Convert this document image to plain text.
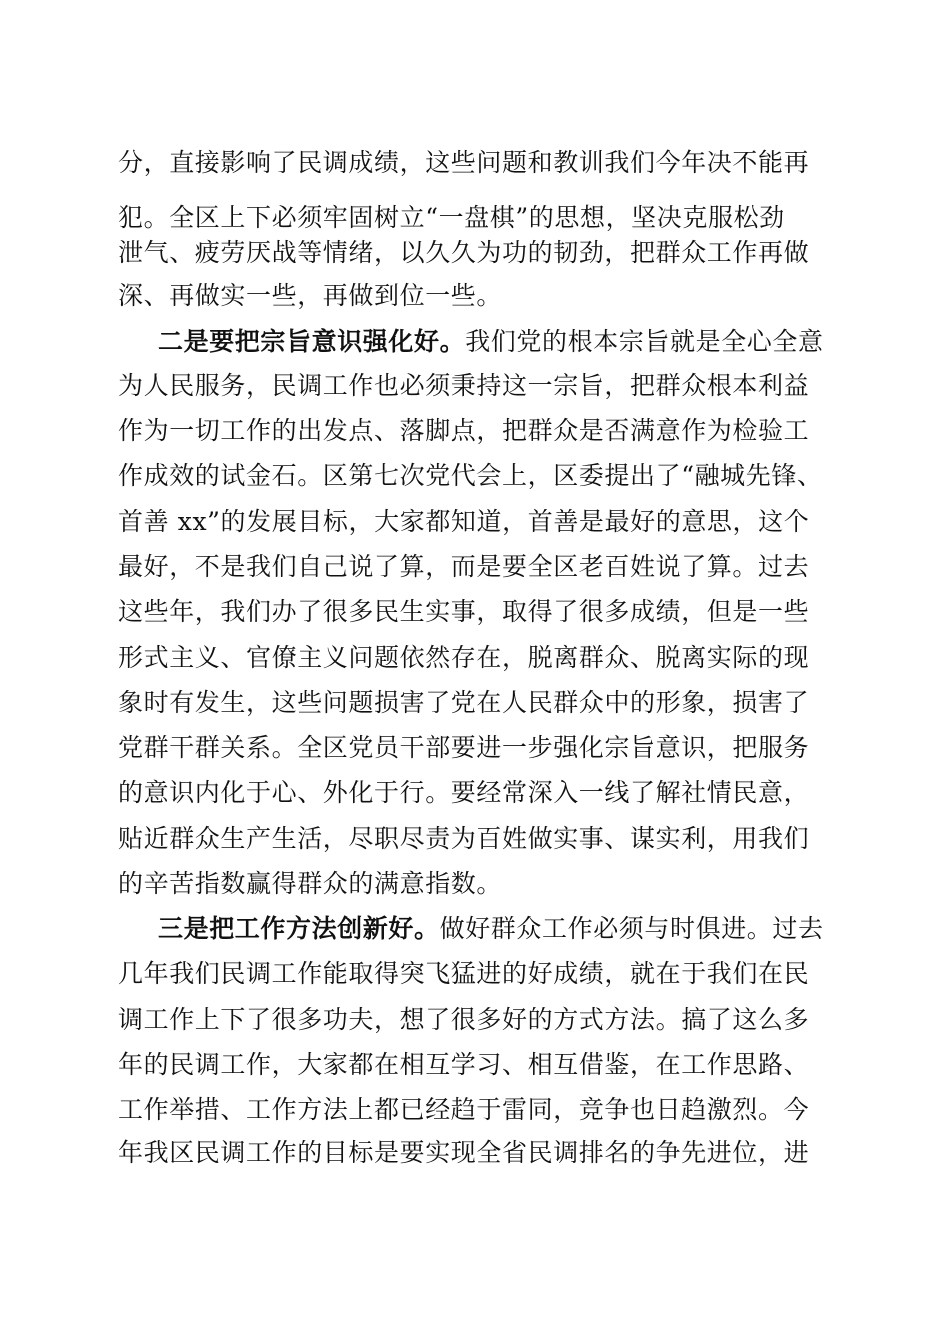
分，直接影响了民调成绩，这些问题和教训我们今年决不能再
犯。全区上下必须牢固树立“一盘棋”的思想，坚决克服松劲
泄气、疲劳厌战等情绪，以久久为功的韧劲，把群众工作再做
深、再做实一些，再做到位一些。
二是要把宗旨意识强化好。我们党的根本宗旨就是全心全意
为人民服务，民调工作也必须秉持这一宗旨，把群众根本利益
作为一切工作的出发点、落脚点，把群众是否满意作为检验工
作成效的试金石。区第七次党代会上，区委提出了“融城先锋、
首善 xx”的发展目标，大家都知道，首善是最好的意思，这个
最好，不是我们自己说了算，而是要全区老百姓说了算。过去
这些年，我们办了很多民生实事，取得了很多成绩，但是一些
形式主义、官僚主义问题依然存在，脱离群众、脱离实际的现
象时有发生，这些问题损害了党在人民群众中的形象，损害了
党群干群关系。全区党员干部要进一步强化宗旨意识，把服务
的意识内化于心、外化于行。要经常深入一线了解社情民意，
贴近群众生产生活，尽职尽责为百姓做实事、谋实利，用我们
的辛苦指数赢得群众的满意指数。
三是把工作方法创新好。做好群众工作必须与时俱进。过去
几年我们民调工作能取得突飞猛进的好成绩，就在于我们在民
调工作上下了很多功夫，想了很多好的方式方法。搞了这么多
年的民调工作，大家都在相互学习、相互借鉴，在工作思路、
工作举措、工作方法上都已经趋于雷同，竞争也日趋激烈。今
年我区民调工作的目标是要实现全省民调排名的争先进位，进
